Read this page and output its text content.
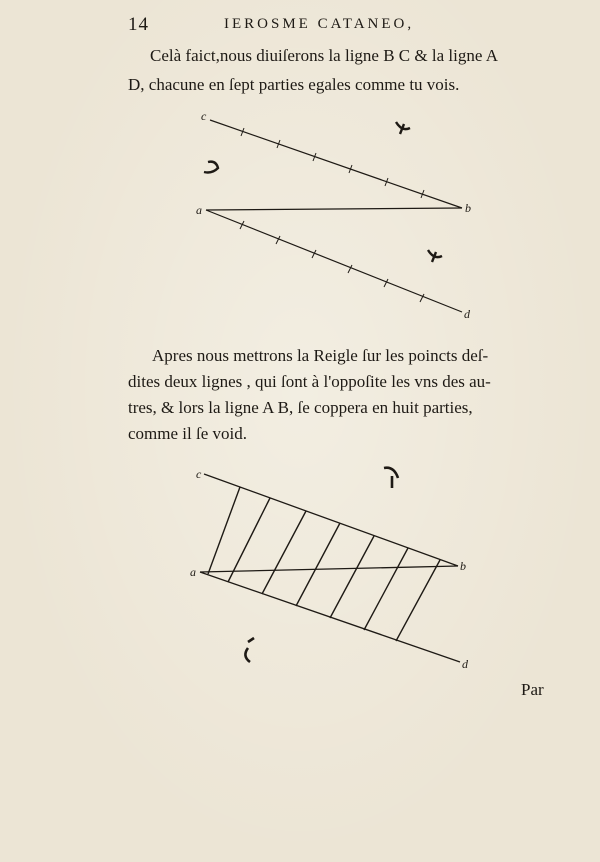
14	IEROSME CATANEO,
Celà faict,nous diuiſerons la ligne B C & la ligne A
D, chacune en ſept parties egales comme tu vois.
c
a	b
d
Apres nous mettrons la Reigle ſur les poincts deſ-
dites deux lignes , qui ſont à l'oppoſite les vns des au-
tres, & lors la ligne A B, ſe coppera en huit parties,
comme il ſe void.
c
a	b
d
Par
